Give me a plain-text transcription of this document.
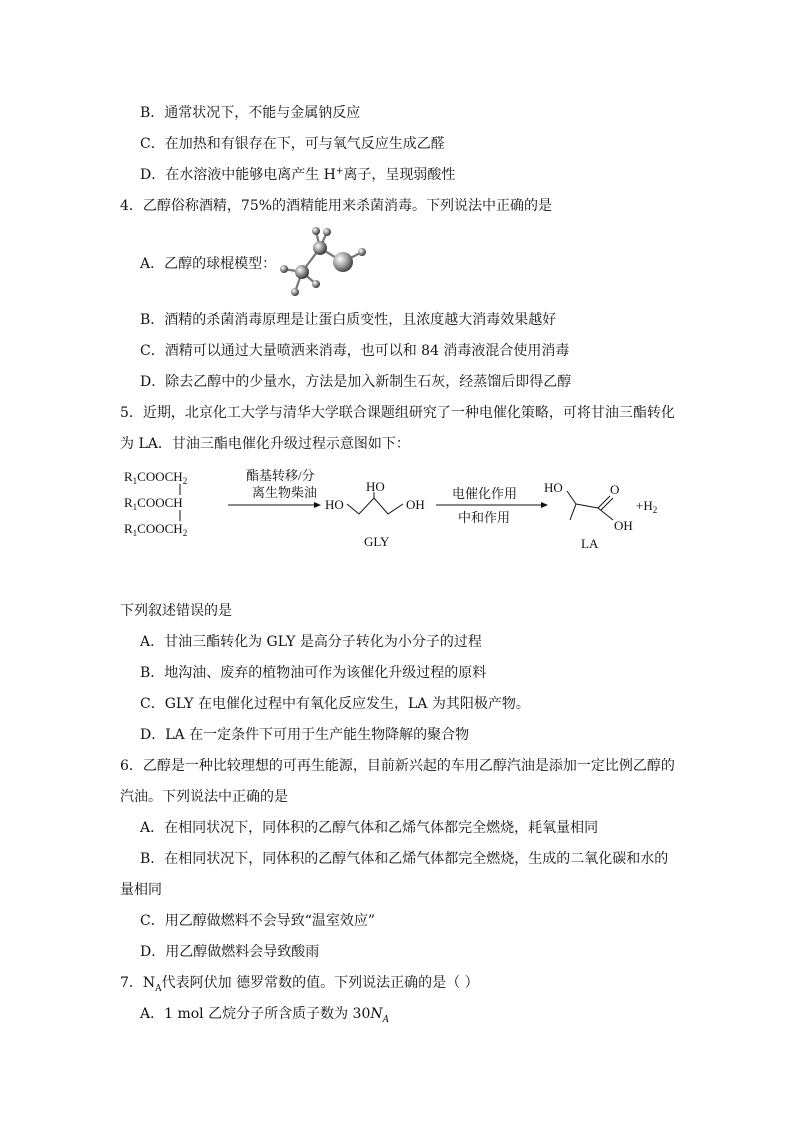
B．通常状况下，不能与金属钠反应
C．在加热和有银存在下，可与氧气反应生成乙醛
D．在水溶液中能够电离产生 H+离子，呈现弱酸性
4．乙醇俗称酒精，75%的酒精能用来杀菌消毒。下列说法中正确的是
A．乙醇的球棍模型：
B．酒精的杀菌消毒原理是让蛋白质变性，且浓度越大消毒效果越好
C．酒精可以通过大量喷洒来消毒，也可以和 84 消毒液混合使用消毒
D．除去乙醇中的少量水，方法是加入新制生石灰，经蒸馏后即得乙醇
5．近期，北京化工大学与清华大学联合课题组研究了一种电催化策略，可将甘油三酯转化
为 LA．甘油三酯电催化升级过程示意图如下：
$R_1COOCH_2$
$R_1COOCH$
$R_1COOCH_2$
酯基转移/分
离生物柴油
HO
HO
OH
GLY
电催化作用
中和作用
HO	O
OH
LA
$+H_2$
下列叙述错误的是
A．甘油三酯转化为 GLY 是高分子转化为小分子的过程
B．地沟油、废弃的植物油可作为该催化升级过程的原料
C．GLY 在电催化过程中有氧化反应发生，LA 为其阳极产物。
D．LA 在一定条件下可用于生产能生物降解的聚合物
6．乙醇是一种比较理想的可再生能源，目前新兴起的车用乙醇汽油是添加一定比例乙醇的
汽油。下列说法中正确的是
A．在相同状况下，同体积的乙醇气体和乙烯气体都完全燃烧，耗氧量相同
B．在相同状况下，同体积的乙醇气体和乙烯气体都完全燃烧，生成的二氧化碳和水的
量相同
C．用乙醇做燃料不会导致“温室效应”
D．用乙醇做燃料会导致酸雨
7．$N_A$代表阿伏加 德罗常数的值。下列说法正确的是（ ）
A．1 mol 乙烷分子所含质子数为 $30N_A$
